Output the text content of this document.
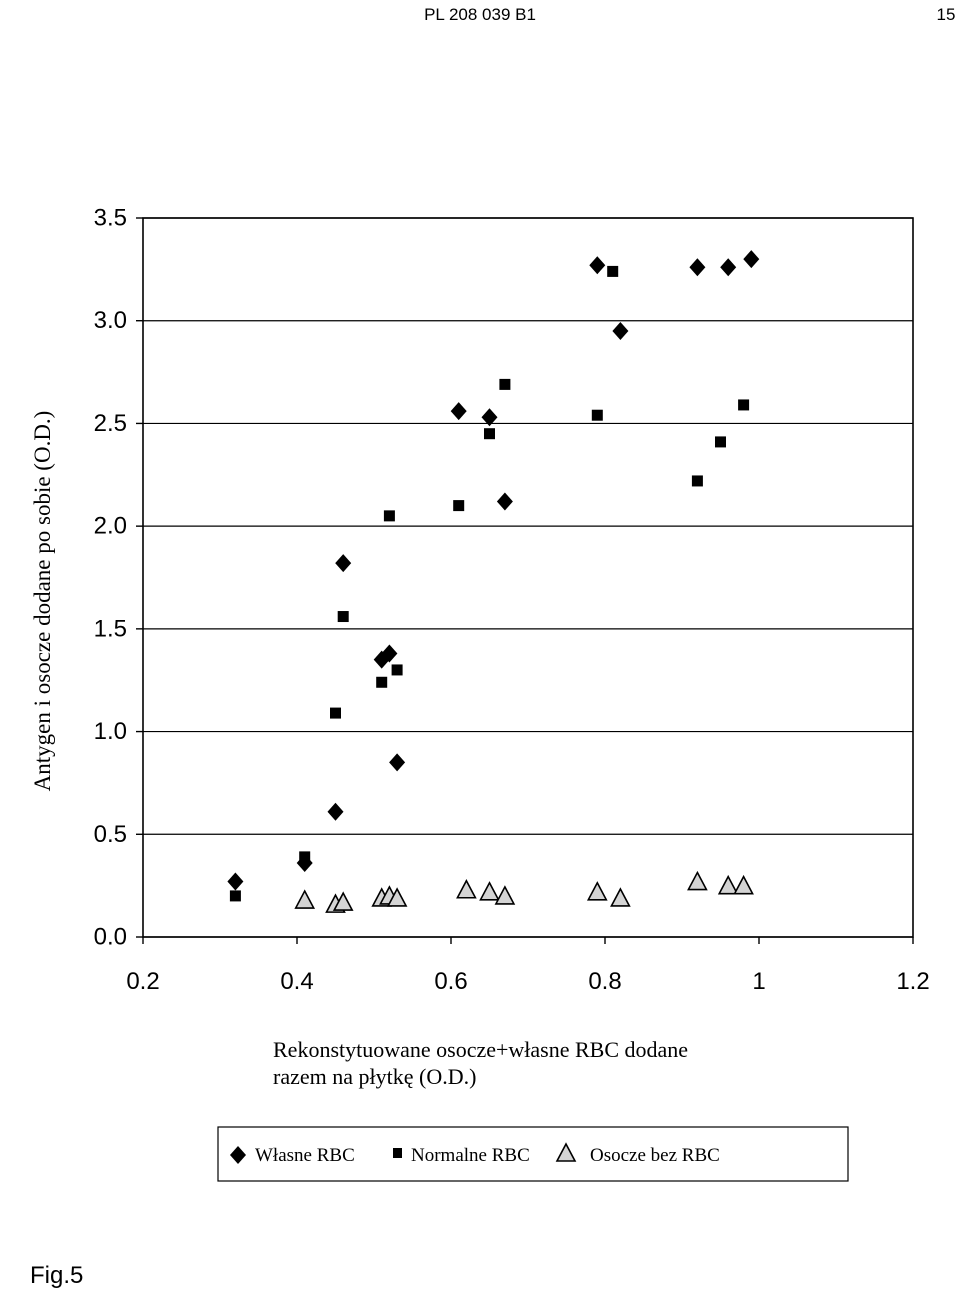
PL 208 039 B1	15
0.0
0.5
1.0
1.5
2.0
2.5
3.0
3.5
0.2	0.4	0.6	0.8	1	1.2
Antygen i osocze dodane po sobie (O.D.)
Rekonstytuowane osocze+własne RBC dodane
razem na płytkę (O.D.)
Własne RBC	Normalne RBC	Osocze bez RBC
Fig.5
